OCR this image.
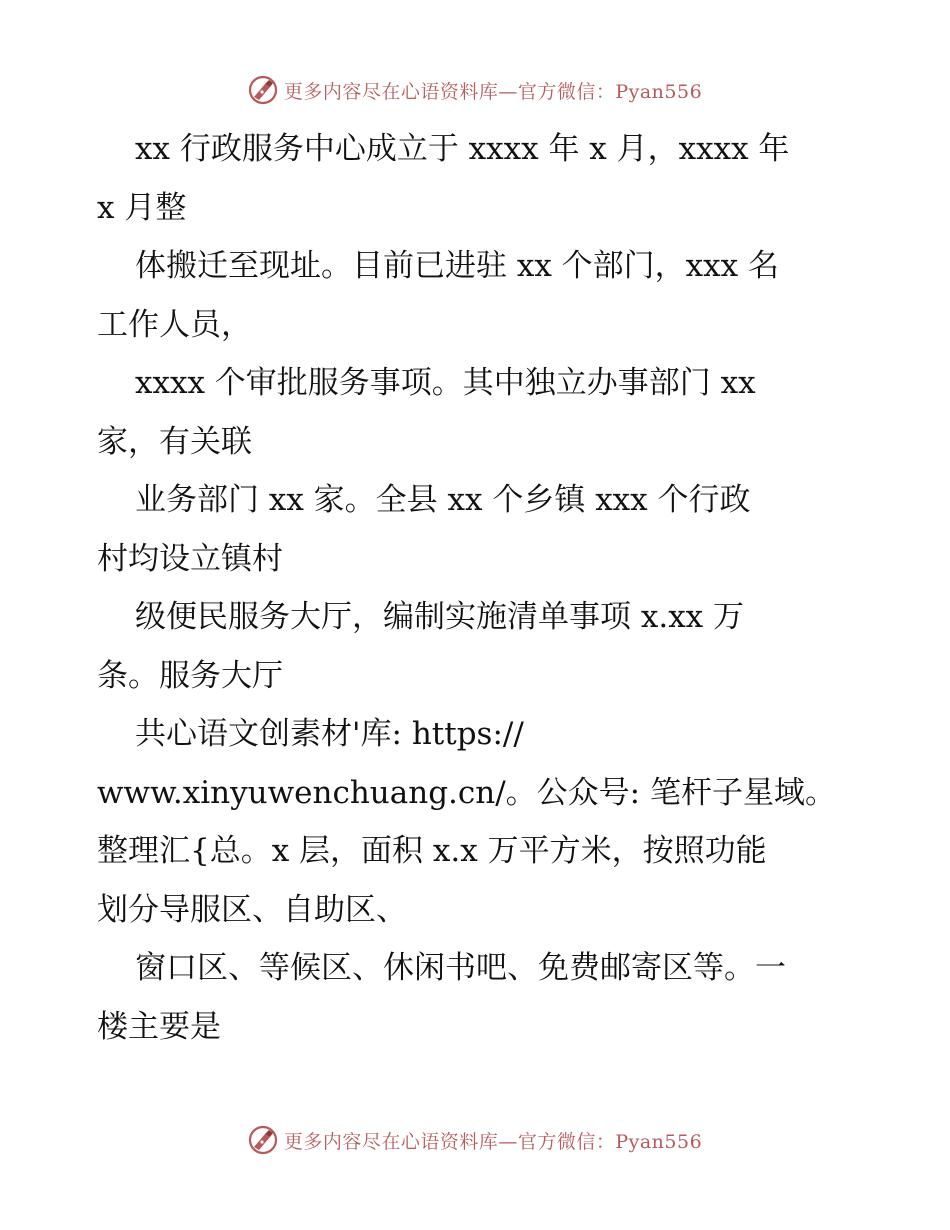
更多内容尽在心语资料库—官方微信：Pyan556
xx 行政服务中心成立于 xxxx 年 x 月，xxxx 年
x 月整
体搬迁至现址。目前已进驻 xx 个部门，xxx 名
工作人员，
xxxx 个审批服务事项。其中独立办事部门 xx
家，有关联
业务部门 xx 家。全县 xx 个乡镇 xxx 个行政
村均设立镇村
级便民服务大厅，编制实施清单事项 x.xx 万
条。服务大厅
共心语文创素材'库: https://
www.xinyuwenchuang.cn/。公众号: 笔杆子星域。
整理汇{总。x 层，面积 x.x 万平方米，按照功能
划分导服区、自助区、
窗口区、等候区、休闲书吧、免费邮寄区等。一
楼主要是
更多内容尽在心语资料库—官方微信：Pyan556
